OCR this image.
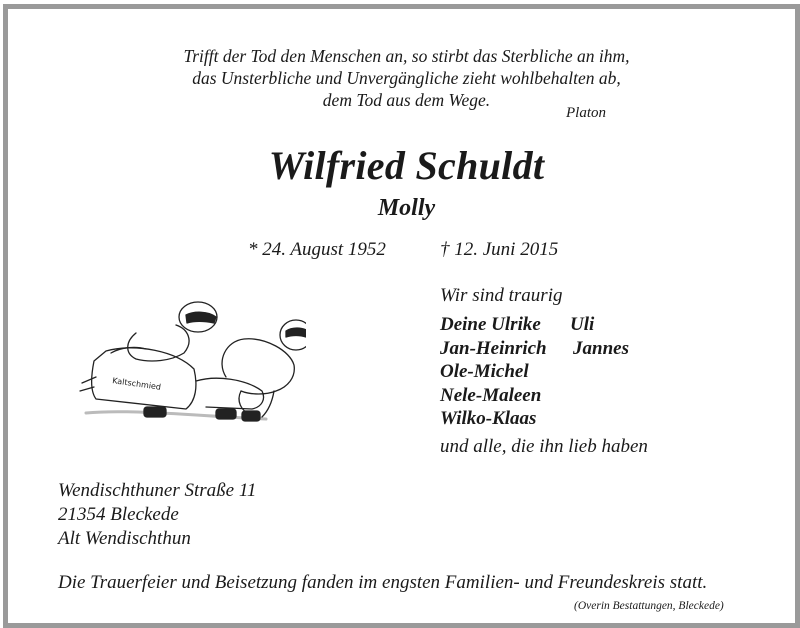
Trifft der Tod den Menschen an, so stirbt das Sterbliche an ihm,
das Unsterbliche und Unvergängliche zieht wohlbehalten ab,
dem Tod aus dem Wege.
Platon
Wilfried Schuldt
Molly
* 24. August 1952	† 12. Juni 2015
Kaltschmied
Wir sind traurig
Deine Ulrike	Uli
Jan-Heinrich	Jannes
Ole-Michel
Nele-Maleen
Wilko-Klaas
und alle, die ihn lieb haben
Wendischthuner Straße 11
21354 Bleckede
Alt Wendischthun
Die Trauerfeier und Beisetzung fanden im engsten Familien- und Freundeskreis statt.
(Overin Bestattungen, Bleckede)
